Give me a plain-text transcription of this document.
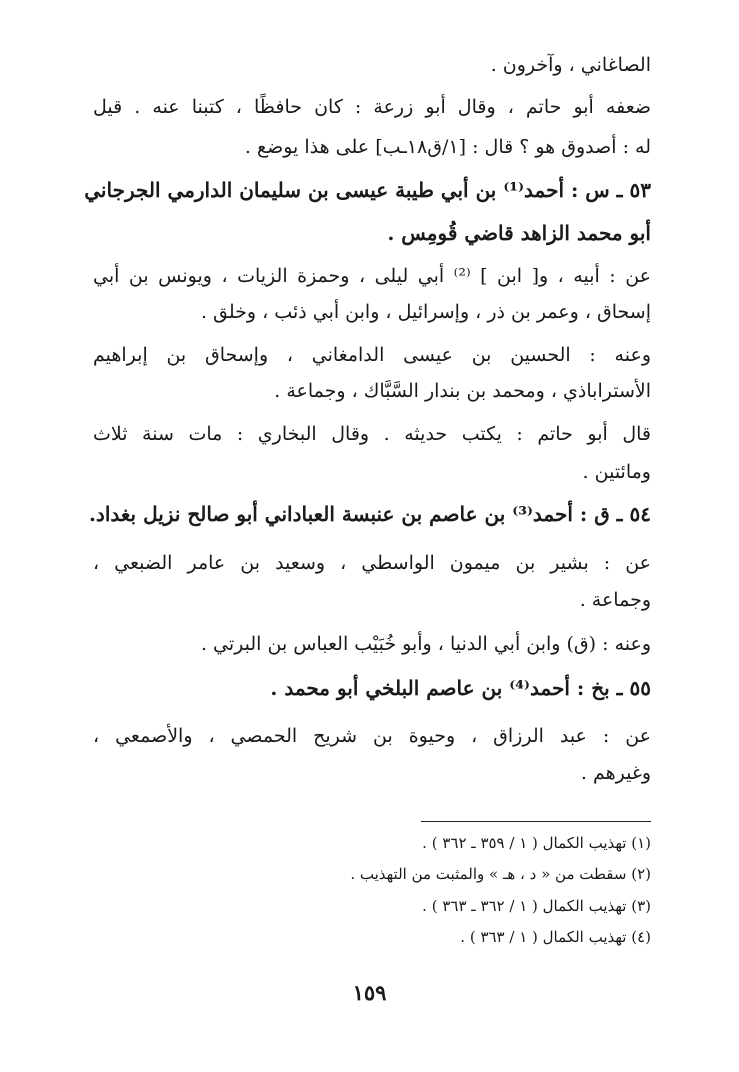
الصاغاني ، وآخرون .
ضعفه أبو حاتم ، وقال أبو زرعة : كان حافظًا ، كتبنا عنه . قيل
له : أصدوق هو ؟ قال : [١/ق١٨ـب] على هذا يوضع .
٥٣ ـ س : أحمد⁽¹⁾ بن أبي طيبة عيسى بن سليمان الدارمي الجرجاني
أبو محمد الزاهد قاضي قُومِس .
عن : أبيه ، و[ ابن ] ⁽²⁾ أبي ليلى ، وحمزة الزيات ، ويونس بن أبي
إسحاق ، وعمر بن ذر ، وإسرائيل ، وابن أبي ذئب ، وخلق .
وعنه : الحسين بن عيسى الدامغاني ، وإسحاق بن إبراهيم
الأستراباذي ، ومحمد بن بندار السَّبَّاك ، وجماعة .
قال أبو حاتم : يكتب حديثه . وقال البخاري : مات سنة ثلاث
ومائتين .
٥٤ ـ ق : أحمد⁽³⁾ بن عاصم بن عنبسة العباداني أبو صالح نزيل بغداد.
عن : بشير بن ميمون الواسطي ، وسعيد بن عامر الضبعي ،
وجماعة .
وعنه : (ق) وابن أبي الدنيا ، وأبو خُبَيْب العباس بن البرتي .
٥٥ ـ بخ : أحمد⁽⁴⁾ بن عاصم البلخي أبو محمد .
عن : عبد الرزاق ، وحيوة بن شريح الحمصي ، والأصمعي ،
وغيرهم .
(١) تهذيب الكمال ( ١ / ٣٥٩ ـ ٣٦٢ ) .
(٢) سقطت من « د ، هـ » والمثبت من التهذيب .
(٣) تهذيب الكمال ( ١ / ٣٦٢ ـ ٣٦٣ ) .
(٤) تهذيب الكمال ( ١ / ٣٦٣ ) .
١٥٩
